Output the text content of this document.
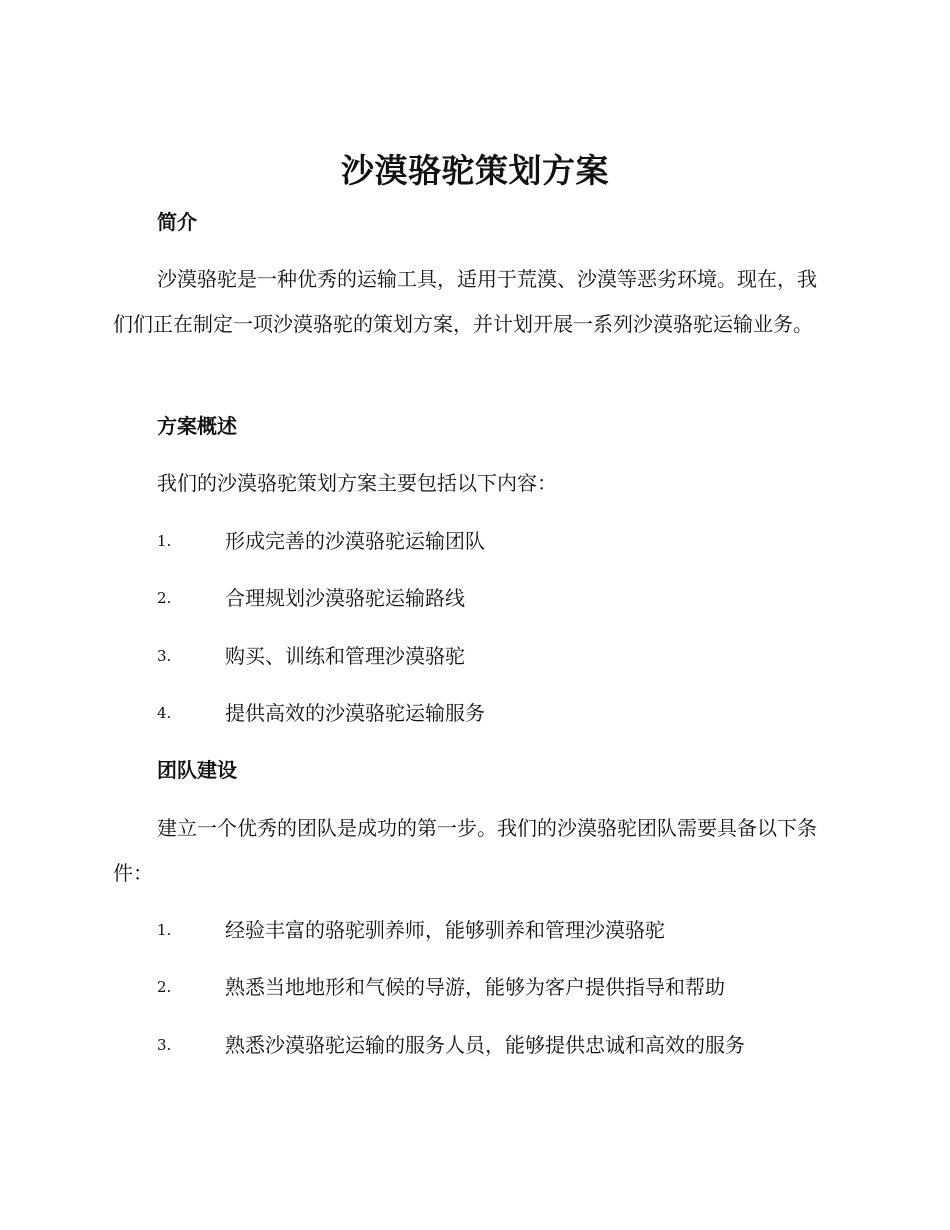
沙漠骆驼策划方案
简介

沙漠骆驼是一种优秀的运输工具，适用于荒漠、沙漠等恶劣环境。现在，我们们正在制定一项沙漠骆驼的策划方案，并计划开展一系列沙漠骆驼运输业务。

方案概述

我们的沙漠骆驼策划方案主要包括以下内容：

1.	形成完善的沙漠骆驼运输团队
2.	合理规划沙漠骆驼运输路线
3.	购买、训练和管理沙漠骆驼
4.	提供高效的沙漠骆驼运输服务
团队建设

建立一个优秀的团队是成功的第一步。我们的沙漠骆驼团队需要具备以下条件：

1.	经验丰富的骆驼驯养师，能够驯养和管理沙漠骆驼
2.	熟悉当地地形和气候的导游，能够为客户提供指导和帮助
3.	熟悉沙漠骆驼运输的服务人员，能够提供忠诚和高效的服务
